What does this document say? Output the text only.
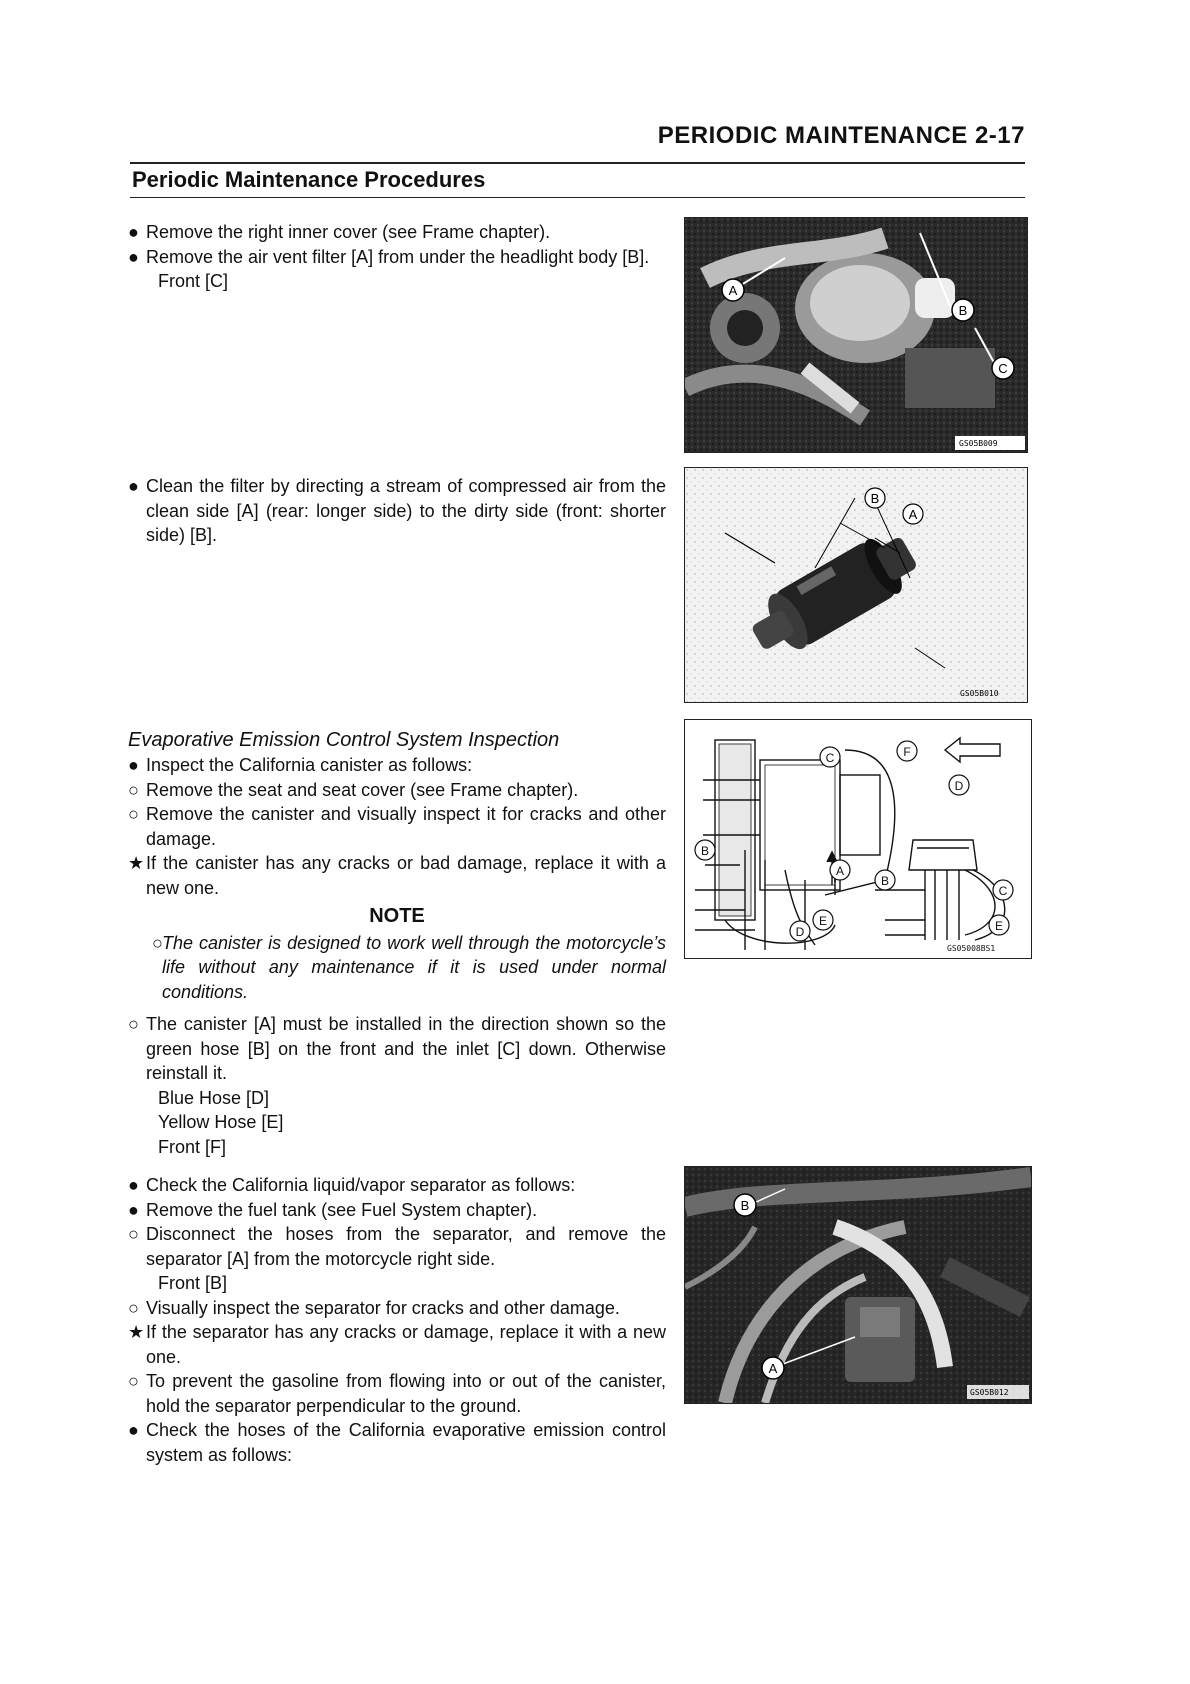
PERIODIC MAINTENANCE 2-17
Periodic Maintenance Procedures

● Remove the right inner cover (see Frame chapter).

● Remove the air vent filter [A] from under the headlight body [B].

Front [C]	A
B
C
GS05B009

● Clean the filter by directing a stream of compressed air from the clean side [A] (rear: longer side) to the dirty side (front: shorter side) [B].

B
A
GS05B010

Evaporative Emission Control System Inspection

● Inspect the California canister as follows:

○ Remove the seat and seat cover (see Frame chapter).

○ Remove the canister and visually inspect it for cracks and other damage.

★ If the canister has any cracks or bad damage, replace it with a new one.

NOTE

○ The canister is designed to work well through the motorcycle’s life without any maintenance if it is used under normal conditions.

○ The canister [A] must be installed in the direction shown so the green hose [B] on the front and the inlet [C] down. Otherwise reinstall it.

Blue Hose [D]

Yellow Hose [E]

Front [F]

F
C
D
B
A
B
C
D
E	E
GS05008BS1

● Check the California liquid/vapor separator as follows:

● Remove the fuel tank (see Fuel System chapter).

○ Disconnect the hoses from the separator, and remove the separator [A] from the motorcycle right side.

Front [B]

○ Visually inspect the separator for cracks and other damage.

★ If the separator has any cracks or damage, replace it with a new one.

○ To prevent the gasoline from flowing into or out of the canister, hold the separator perpendicular to the ground.

● Check the hoses of the California evaporative emission control system as follows:

B
A
GS05B012
